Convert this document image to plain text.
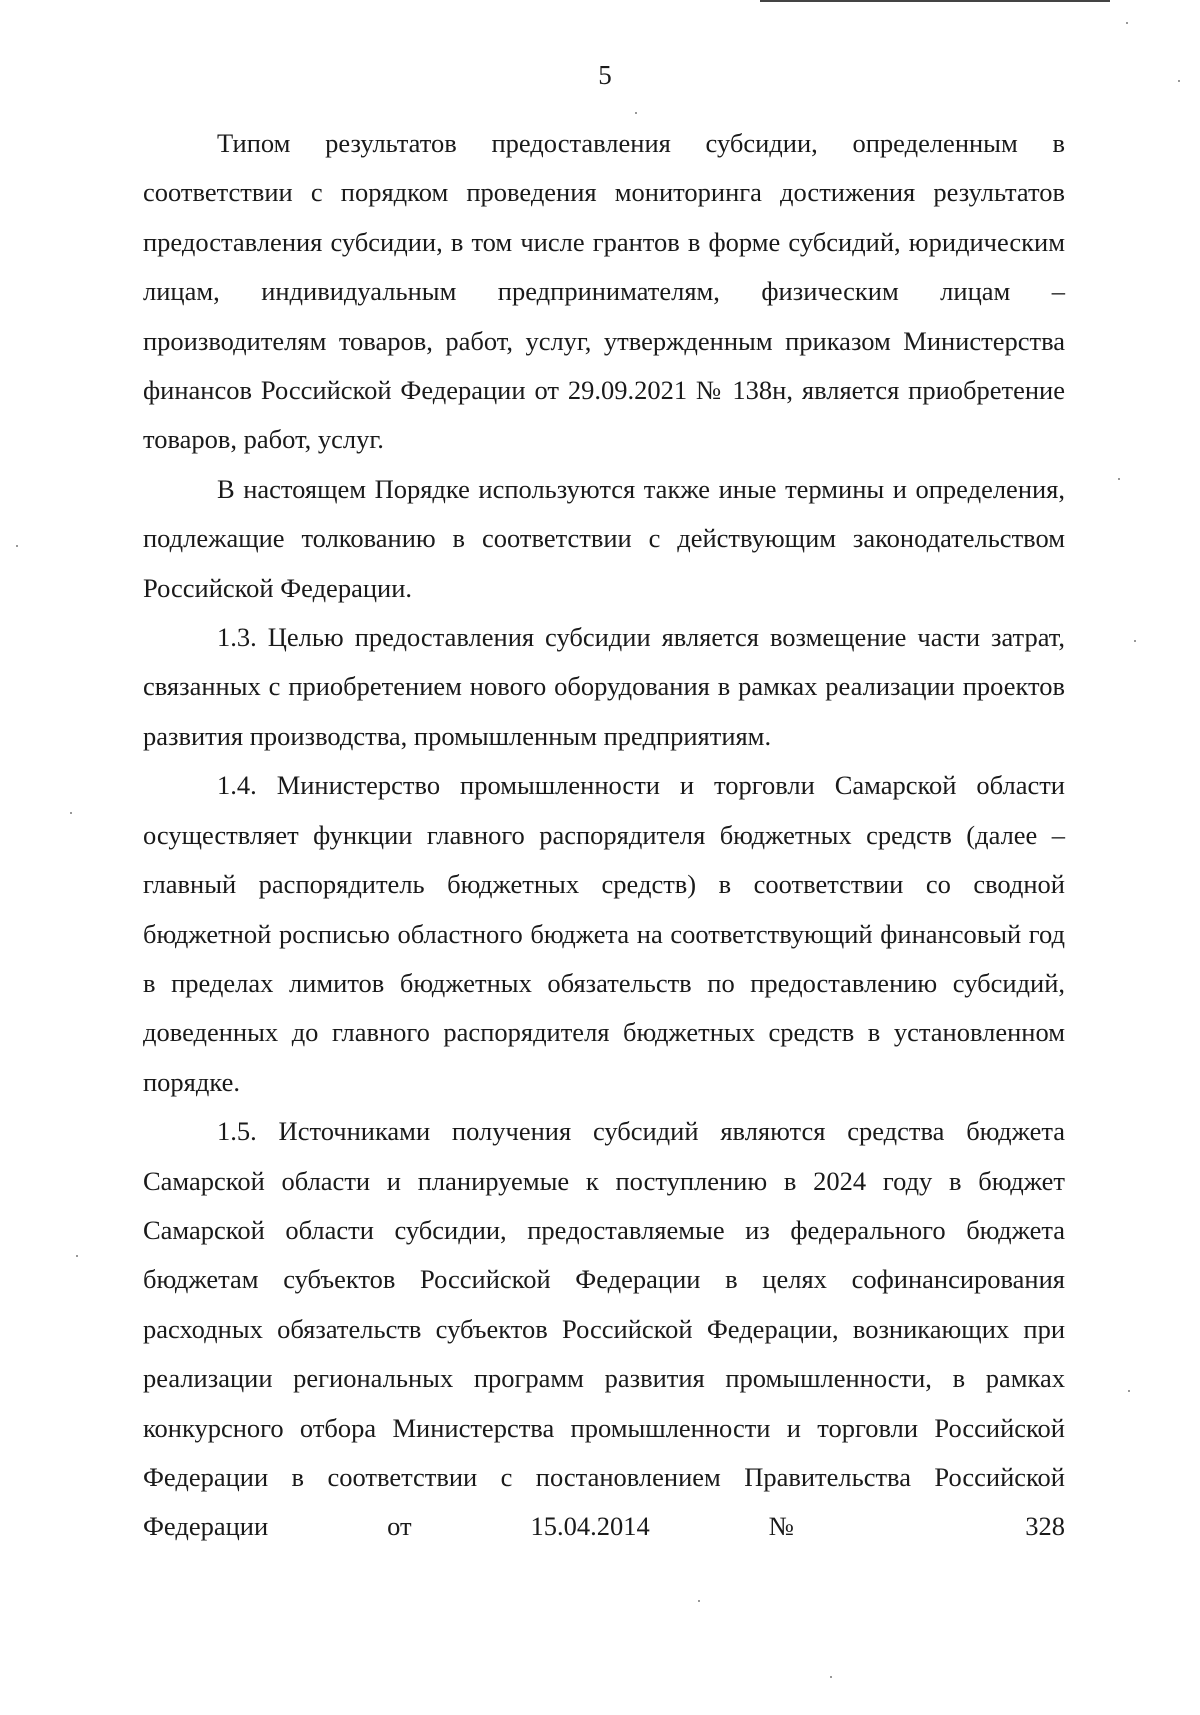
5

Типом результатов предоставления субсидии, определенным в соответствии с порядком проведения мониторинга достижения результатов предоставления субсидии, в том числе грантов в форме субсидий, юридическим лицам, индивидуальным предпринимателям, физическим лицам – производителям товаров, работ, услуг, утвержденным приказом Министерства финансов Российской Федерации от 29.09.2021 № 138н, является приобретение товаров, работ, услуг.

В настоящем Порядке используются также иные термины и определения, подлежащие толкованию в соответствии с действующим законодательством Российской Федерации.

1.3. Целью предоставления субсидии является возмещение части затрат, связанных с приобретением нового оборудования в рамках реализации проектов развития производства, промышленным предприятиям.

1.4. Министерство промышленности и торговли Самарской области осуществляет функции главного распорядителя бюджетных средств (далее – главный распорядитель бюджетных средств) в соответствии со сводной бюджетной росписью областного бюджета на соответствующий финансовый год в пределах лимитов бюджетных обязательств по предоставлению субсидий, доведенных до главного распорядителя бюджетных средств в установленном порядке.

1.5. Источниками получения субсидий являются средства бюджета Самарской области и планируемые к поступлению в 2024 году в бюджет Самарской области субсидии, предоставляемые из федерального бюджета бюджетам субъектов Российской Федерации в целях софинансирования расходных обязательств субъектов Российской Федерации, возникающих при реализации региональных программ развития промышленности, в рамках конкурсного отбора Министерства промышленности и торговли Российской Федерации в соответствии с постановлением Правительства Российской Федерации от 15.04.2014 № 328
